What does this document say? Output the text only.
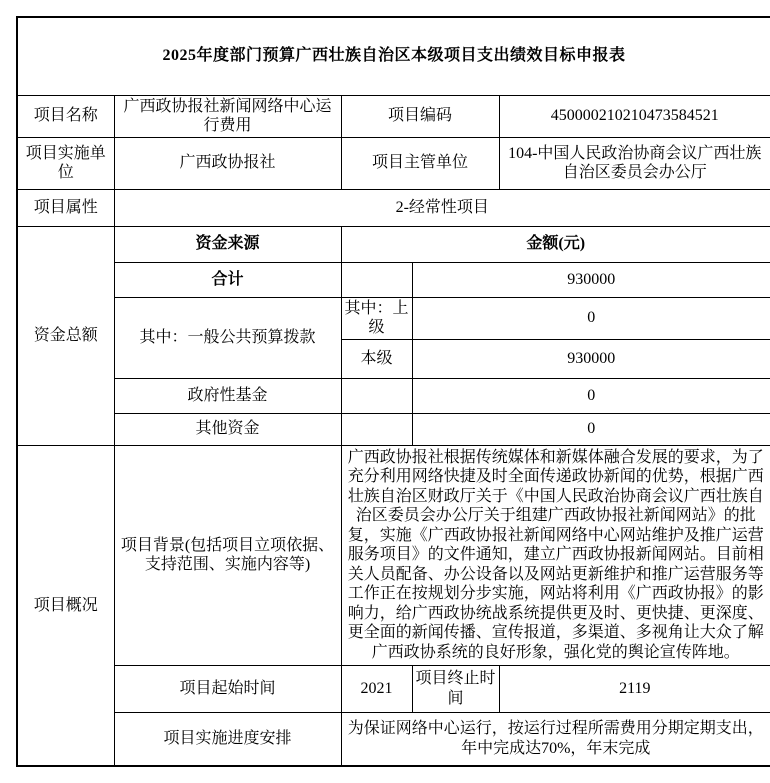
2025年度部门预算广西壮族自治区本级项目支出绩效目标申报表				
项目名称	广西政协报社新闻网络中心运行费用	项目编码		450000210210473584521
项目实施单位	广西政协报社	项目主管单位		104-中国人民政治协商会议广西壮族自治区委员会办公厅
项目属性	2-经常性项目			
资金总额	资金来源	金额(元)		
	合计		930000	
	其中：一般公共预算拨款	其中：上级	0	
		本级	930000	
	政府性基金		0	
	其他资金		0	
项目概况	项目背景(包括项目立项依据、支持范围、实施内容等)	广西政协报社根据传统媒体和新媒体融合发展的要求，为了充分利用网络快捷及时全面传递政协新闻的优势，根据广西壮族自治区财政厅关于《中国人民政治协商会议广西壮族自治区委员会办公厅关于组建广西政协报社新闻网站》的批复，实施《广西政协报社新闻网络中心网站维护及推广运营服务项目》的文件通知，建立广西政协报新闻网站。目前相关人员配备、办公设备以及网站更新维护和推广运营服务等工作正在按规划分步实施，网站将利用《广西政协报》的影响力，给广西政协统战系统提供更及时、更快捷、更深度、更全面的新闻传播、宣传报道，多渠道、多视角让大众了解广西政协系统的良好形象，强化党的舆论宣传阵地。		
	项目起始时间	2021	项目终止时间	2119
	项目实施进度安排	为保证网络中心运行，按运行过程所需费用分期定期支出，年中完成达70%，年末完成		
